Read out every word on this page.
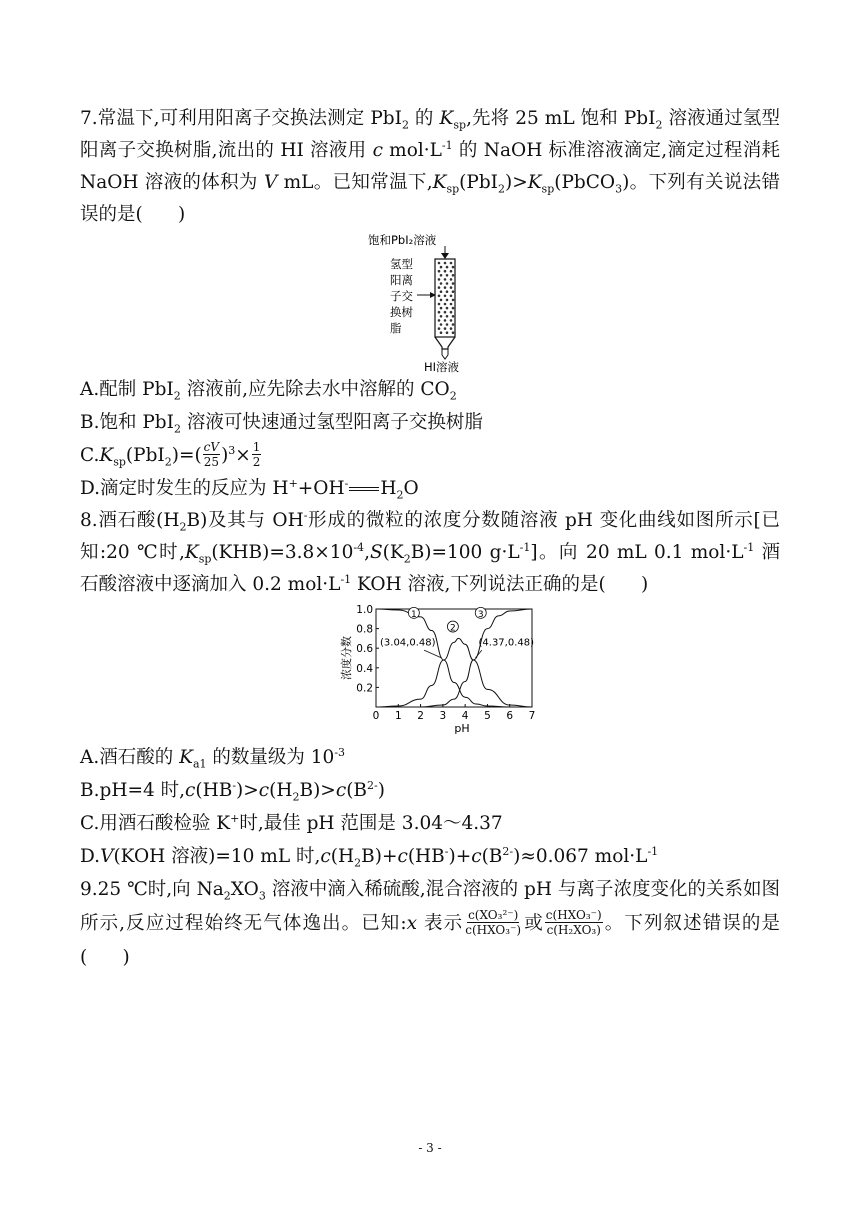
7.常温下,可利用阳离子交换法测定 PbI$_2$ 的 $K_{sp}$,先将 25 mL 饱和 PbI$_2$ 溶液通过氢型阳离子交换树脂,流出的 HI 溶液用 c $mol\cdot L^{-1}$ 的 NaOH 标准溶液滴定,滴定过程消耗 NaOH 溶液的体积为 V mL。已知常温下$,K_{sp}(PbI_2)>K_{sp}(PbCO_3)$。下列有关说法错误的是( )

饱和PbI₂溶液
氢型
阳离
子交
换树
脂
HI溶液

A.配制 PbI$_2$ 溶液前,应先除去水中溶解的 $CO_2$

B.饱和 PbI$_2$ 溶液可快速通过氢型阳离子交换树脂

$C.K_{sp}(PbI_2)=( \frac{cV}{25} )^3\times \frac{1}{2}$

D.滴定时发生的反应为 H++OH- $H_2O$

8.酒石酸$(H_2B)$及其与 OH-形成的微粒的浓度分数随溶液 pH 变化曲线如图所示[已知:20 ℃时$,K_{sp}(KHB)=3.8\times 10^{-4},S(K_2B)=100$ $g\cdot L^{-1}$]。向 20 mL 0.1 $mol\cdot L^{-1}$ 酒石酸溶液中逐滴加入 0.2 $mol\cdot L^{-1}$ KOH 溶液,下列说法正确的是( )

0 1 2 3 4 5 6 7
0.2
0.4
0.6
0.8
1.0
pH
浓度分数
1
2
3
(3.04,0.48)	(4.37,0.48)

A.酒石酸的 $K_{a1}$ 的数量级为 $10^{-3}$

B.pH=4 时$,c(HB^-)>c(H_2B)>c(B^{2-})$

C.用酒石酸检验 K+时,最佳 pH 范围是 3.04～4.37

D.V(KOH 溶液)=10 mL 时$,c(H_2B)+c(HB^-)+c(B^{2-})\approx 0.067$ $mol\cdot L^{-1}$

9.25 ℃时,向 $Na_2XO_3$ 溶液中滴入稀硫酸,混合溶液的 pH 与离子浓度变化的关系如图所示,反应过程始终无气体逸出。已知:x 表示 $\frac{\text{c(XO₃²⁻)}}{\text{c(HXO₃⁻)}}$ 或 $\frac{\text{c(HXO₃⁻)}}{\text{c(H₂XO₃)}}$ 。下列叙述错误的是( )

- 3 -
